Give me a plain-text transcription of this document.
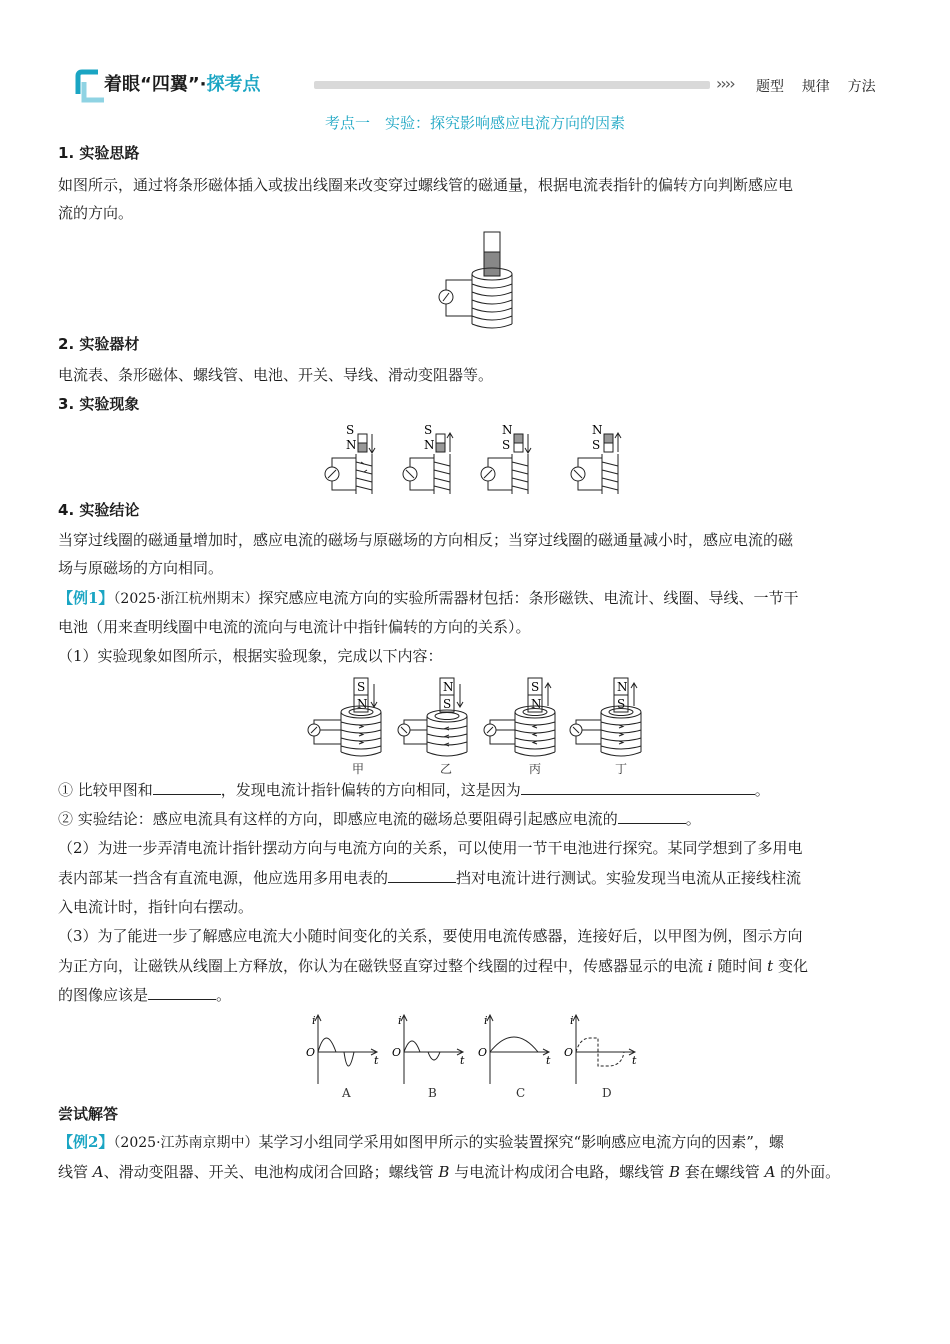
着眼“四翼”·探考点	›››› 题型 规律 方法
考点一　实验：探究影响感应电流方向的因素
1. 实验思路
如图所示，通过将条形磁体插入或拔出线圈来改变穿过螺线管的磁通量，根据电流表指针的偏转方向判断感应电
流的方向。
2. 实验器材
电流表、条形磁体、螺线管、电池、开关、导线、滑动变阻器等。
3. 实验现象
S
N
S
N
N
S
N
S
4. 实验结论
当穿过线圈的磁通量增加时，感应电流的磁场与原磁场的方向相反；当穿过线圈的磁通量减小时，感应电流的磁
场与原磁场的方向相同。
【例1】（2025·浙江杭州期末）探究感应电流方向的实验所需器材包括：条形磁铁、电流计、线圈、导线、一节干
电池（用来查明线圈中电流的流向与电流计中指针偏转的方向的关系）。
（1）实验现象如图所示，根据实验现象，完成以下内容：
S
N
N
S
S
N
N
S
甲	乙	丙	丁
① 比较甲图和	，发现电流计指针偏转的方向相同，这是因为	。
② 实验结论：感应电流具有这样的方向，即感应电流的磁场总要阻碍引起感应电流的	。
（2）为进一步弄清电流计指针摆动方向与电流方向的关系，可以使用一节干电池进行探究。某同学想到了多用电
表内部某一挡含有直流电源，他应选用多用电表的	挡对电流计进行测试。实验发现当电流从正接线柱流
入电流计时，指针向右摆动。
（3）为了能进一步了解感应电流大小随时间变化的关系，要使用电流传感器，连接好后，以甲图为例，图示方向
为正方向，让磁铁从线圈上方释放，你认为在磁铁竖直穿过整个线圈的过程中，传感器显示的电流 i 随时间 t 变化
的图像应该是	。
i
t
O
i
t
O
i
t
O
i
t
O
A	B	C	D
尝试解答
【例2】（2025·江苏南京期中）某学习小组同学采用如图甲所示的实验装置探究“影响感应电流方向的因素”，螺
线管 A、滑动变阻器、开关、电池构成闭合回路；螺线管 B 与电流计构成闭合电路，螺线管 B 套在螺线管 A 的外面。
